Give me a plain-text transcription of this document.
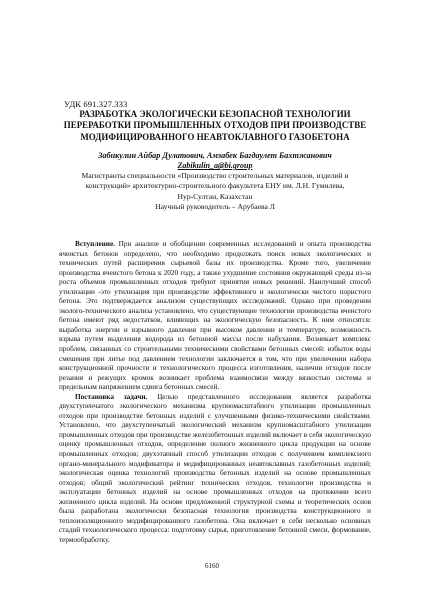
УДК 691.327.333
РАЗРАБОТКА ЭКОЛОГИЧЕСКИ БЕЗОПАСНОЙ ТЕХНОЛОГИИ ПЕРЕРАБОТКИ ПРОМЫШЛЕННЫХ ОТХОДОВ ПРИ ПРОИЗВОДСТВЕ МОДИФИЦИРОВАННОГО НЕАВТОКЛАВНОГО ГАЗОБЕТОНА
Забикулин Айбар Дулатович, Амзабек Багдаулет Бахтжанович
Zabikulin_a@bi.group
Магистранты специальности «Производство строительных материалов, изделий и
конструкций» архитектурно-строительного факультета ЕНУ им. Л.Н. Гумилева,
Нур-Султан, Казахстан
Научный руководитель – Арубаева Л

Вступление. При анализе и обобщении современных исследований и опыта производства ячеистых бетонов определено, что необходимо продолжать поиск новых экологических и технических путей расширения сырьевой базы их производства. Кроме того, увеличение производства ячеистого бетона к 2020 году, а также ухудшение состояния окружающей среды из-за роста объемов промышленных отходов требуют принятия новых решений. Наилучший способ утилизации -это утилизация при производстве эффективного и экологически чистого пористого бетона. Это подтверждается анализом существующих исследований. Однако при проведении эколого-технического анализа установлено, что существующие технологии производства ячеистого бетона имеют ряд недостатков, влияющих на экологическую безопасность. К ним относятся: выработка энергии и взрывного давления при высоком давлении и температуре, возможность взрыва путем выделения водорода из бетонной массы после набухания. Возникает комплекс проблем, связанных со строительными техническими свойствами бетонных смесей: избыток воды смешения при литье под давлением технологии заключается в том, что при увеличении набора конструкционной прочности и технологического процесса изготовления, наличии отходов после резания и режущих кромок возникает проблема взаимосвязи между вязкостью системы и предельным напряжением сдвига бетонных смесей.

Постановка задачи. Целью представленного исследования является разработка двухступенчатого экологического механизма крупномасштабного утилизации промышленных отходов при производстве бетонных изделий с улучшенными физико-техническими свойствами. Установлено, что двухступенчатый экологический механизм крупномасштабного утилизации промышленных отходов при производстве железобетонных изделий включает в себя экологическую оценку промышленных отходов, определение полного жизненного цикла продукции на основе промышленных отходов; двухэтапный способ утилизации отходов с получением комплексного органо-минерального модификатора и модифицированных неавтоклавных газобетонных изделий; экологическая оценка технологий производства бетонных изделий на основе промышленных отходов; общий экологический рейтинг технических отходов, технологии производства и эксплуатации бетонных изделий на основе промышленных отходов на протяжении всего жизненного цикла изделий. На основе предложенной структурной схемы и теоретических основ была разработана экологически безопасная технология производства конструкционного и теплоизоляционного модифицированного газобетона. Она включает в себя несколько основных стадий технологического процесса: подготовку сырья, приготовление бетонной смеси, формование, термообработку.

6160
